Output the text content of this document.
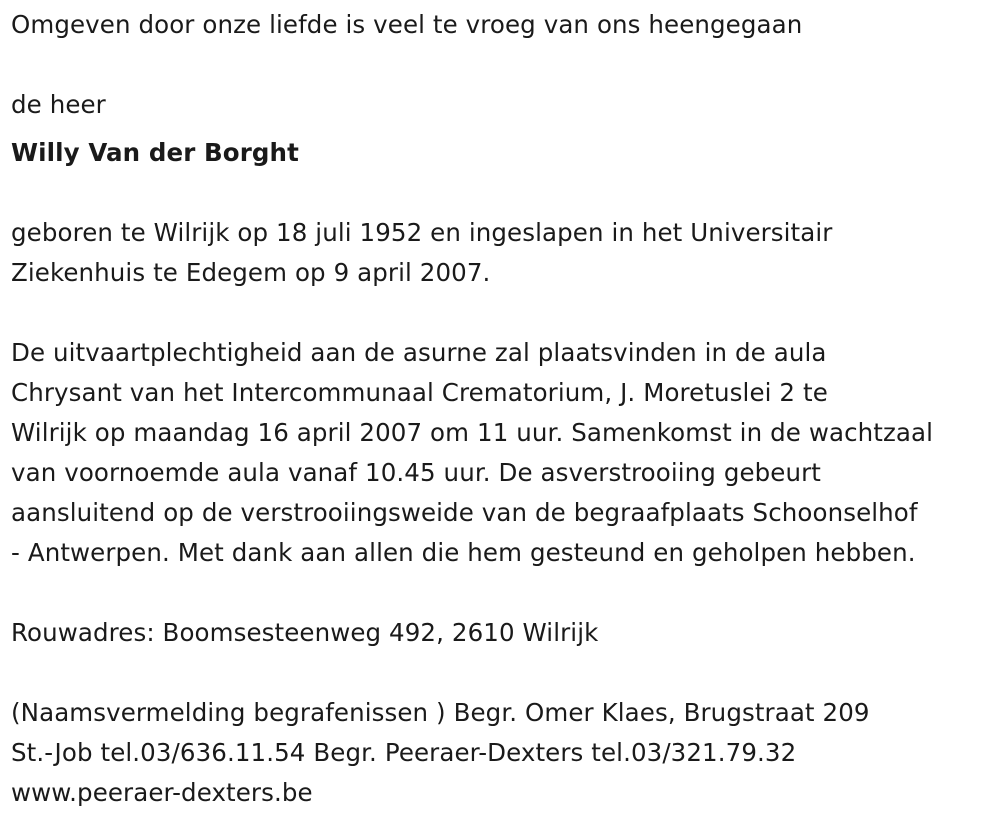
Omgeven door onze liefde is veel te vroeg van ons heengegaan
de heer
Willy Van der Borght
geboren te Wilrijk op 18 juli 1952 en ingeslapen in het Universitair
Ziekenhuis te Edegem op 9 april 2007.
De uitvaartplechtigheid aan de asurne zal plaatsvinden in de aula
Chrysant van het Intercommunaal Crematorium, J. Moretuslei 2 te
Wilrijk op maandag 16 april 2007 om 11 uur. Samenkomst in de wachtzaal
van voornoemde aula vanaf 10.45 uur. De asverstrooiing gebeurt
aansluitend op de verstrooiingsweide van de begraafplaats Schoonselhof
- Antwerpen. Met dank aan allen die hem gesteund en geholpen hebben.
Rouwadres: Boomsesteenweg 492, 2610 Wilrijk
(Naamsvermelding begrafenissen ) Begr. Omer Klaes, Brugstraat 209
St.-Job tel.03/636.11.54 Begr. Peeraer-Dexters tel.03/321.79.32
www.peeraer-dexters.be
